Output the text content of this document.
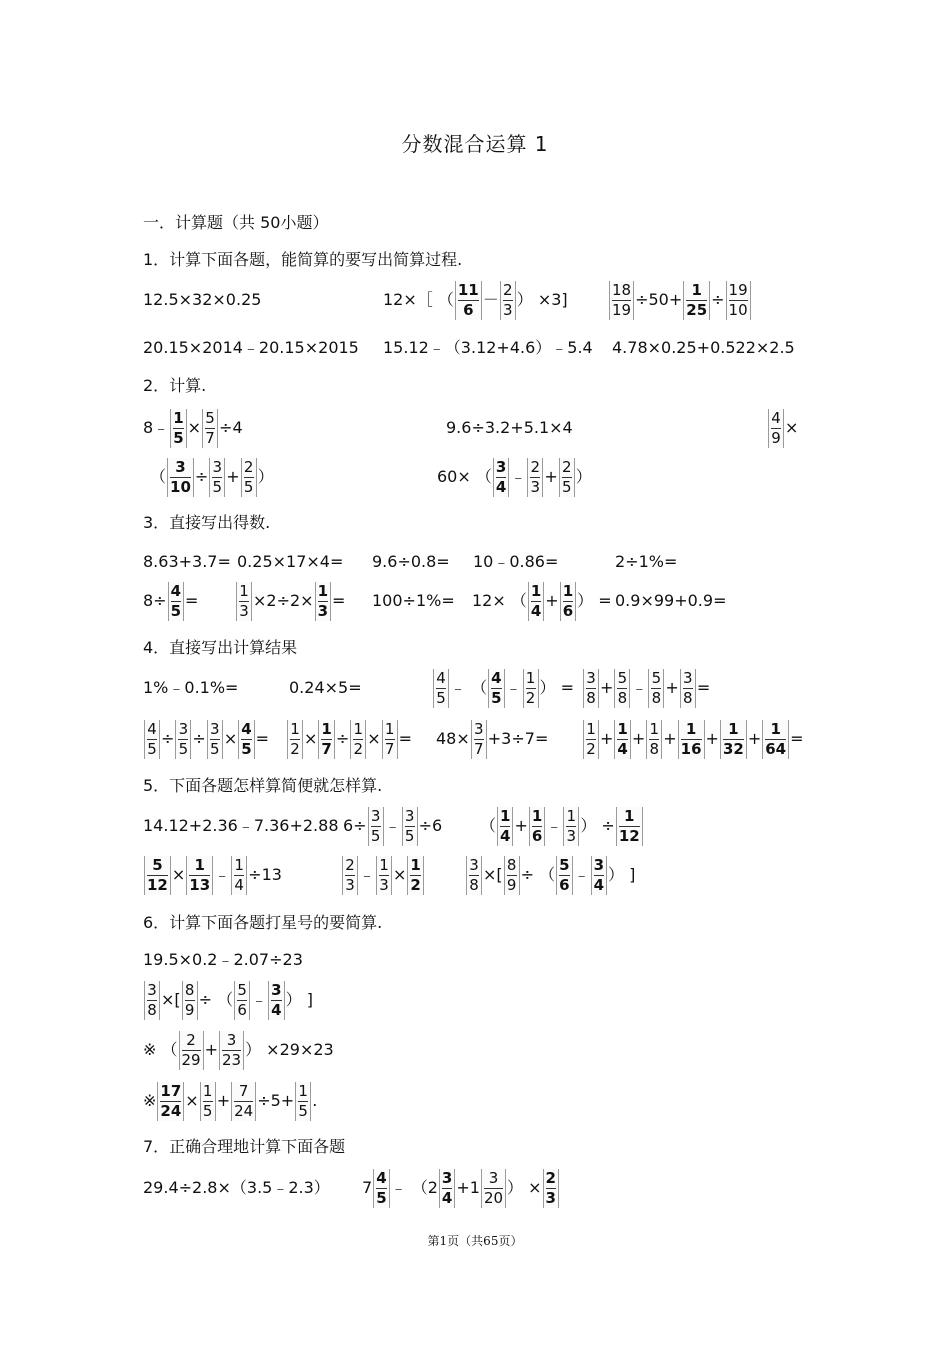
分数混合运算 1
一．计算题（共 50小题）
1．计算下面各题，能简算的要写出简算过程.
12.5×32×0.25	12×［ （ $\frac{11}{6} - \frac{2}{3}$ ） ×3]	$\frac{18}{19} \div 50+ \frac{1}{25} \div \frac{19}{10}$
20.15×2014﹣20.15×2015 15.12﹣（3.12+4.6）﹣5.4 4.78×0.25+0.522×2.5
2．计算.
8﹣ $\frac{1}{5} \times \frac{5}{7} \div 4$	9.6÷3.2+5.1×4	$\frac{4}{9}$ ×
（ $\frac{3}{10} \div \frac{3}{5} + \frac{2}{5}$ ）	60× （ $\frac{3}{4}$ ﹣ $\frac{2}{3} + \frac{2}{5}$ ）
3．直接写出得数.
8.63+3.7= 0.25×17×4= 9.6÷0.8= 10﹣0.86=	2÷1%=
$8\div \frac{4}{5}$ =	$\frac{1}{3} \times 2\div 2\times \frac{1}{3} = 100\div 1\%= 12\times$ （ $\frac{1}{4} + \frac{1}{6}$ ） = 0.9×99+0.9=
4．直接写出计算结果
1%﹣0.1%=	0.24×5=	$\frac{4}{5}$ ﹣ （ $\frac{4}{5}$ ﹣ $\frac{1}{2}$ ） = $\frac{3}{8} + \frac{5}{8}$ ﹣ $\frac{5}{8} + \frac{3}{8}$ =
$\frac{4}{5} \div \frac{3}{5} \div \frac{3}{5} \times \frac{4}{5} = \frac{1}{2} \times \frac{1}{7} \div \frac{1}{2} \times \frac{1}{7} = 48\times \frac{3}{7} +3\div 7= \frac{1}{2} + \frac{1}{4} + \frac{1}{8} + \frac{1}{16} + \frac{1}{32} + \frac{1}{64}$ =
5．下面各题怎样算简便就怎样算.
14.12+2.36﹣7.36+2.88 $6\div \frac{3}{5}$ ﹣ $\frac{3}{5} \div 6$ （ $\frac{1}{4} + \frac{1}{6}$ ﹣ $\frac{1}{3}$ ） ÷ $\frac{1}{12}$
$\frac{5}{12} \times \frac{1}{13}$ ﹣ $\frac{1}{4} \div 13$	$\frac{2}{3}$ ﹣ $\frac{1}{3} \times \frac{1}{2}$	$\frac{3}{8}$ ×[ $\frac{8}{9}$ ÷ （ $\frac{5}{6}$ ﹣ $\frac{3}{4}$ ） ]
6．计算下面各题打星号的要简算.
19.5×0.2﹣2.07÷23
$\frac{3}{8}$ ×[ $\frac{8}{9}$ ÷ （ $\frac{5}{6}$ ﹣ $\frac{3}{4}$ ） ]
※ （ $\frac{2}{29} + \frac{3}{23}$ ） ×29×23
※ $\frac{17}{24} \times \frac{1}{5} + \frac{7}{24} \div 5+ \frac{1}{5}$ .
7．正确合理地计算下面各题
29.4÷2.8×（3.5﹣2.3） $7 \frac{4}{5}$ ﹣ （$2 \frac{3}{4} +1 \frac{3}{20}$ ） × $\frac{2}{3}$
第1页（共65页）
